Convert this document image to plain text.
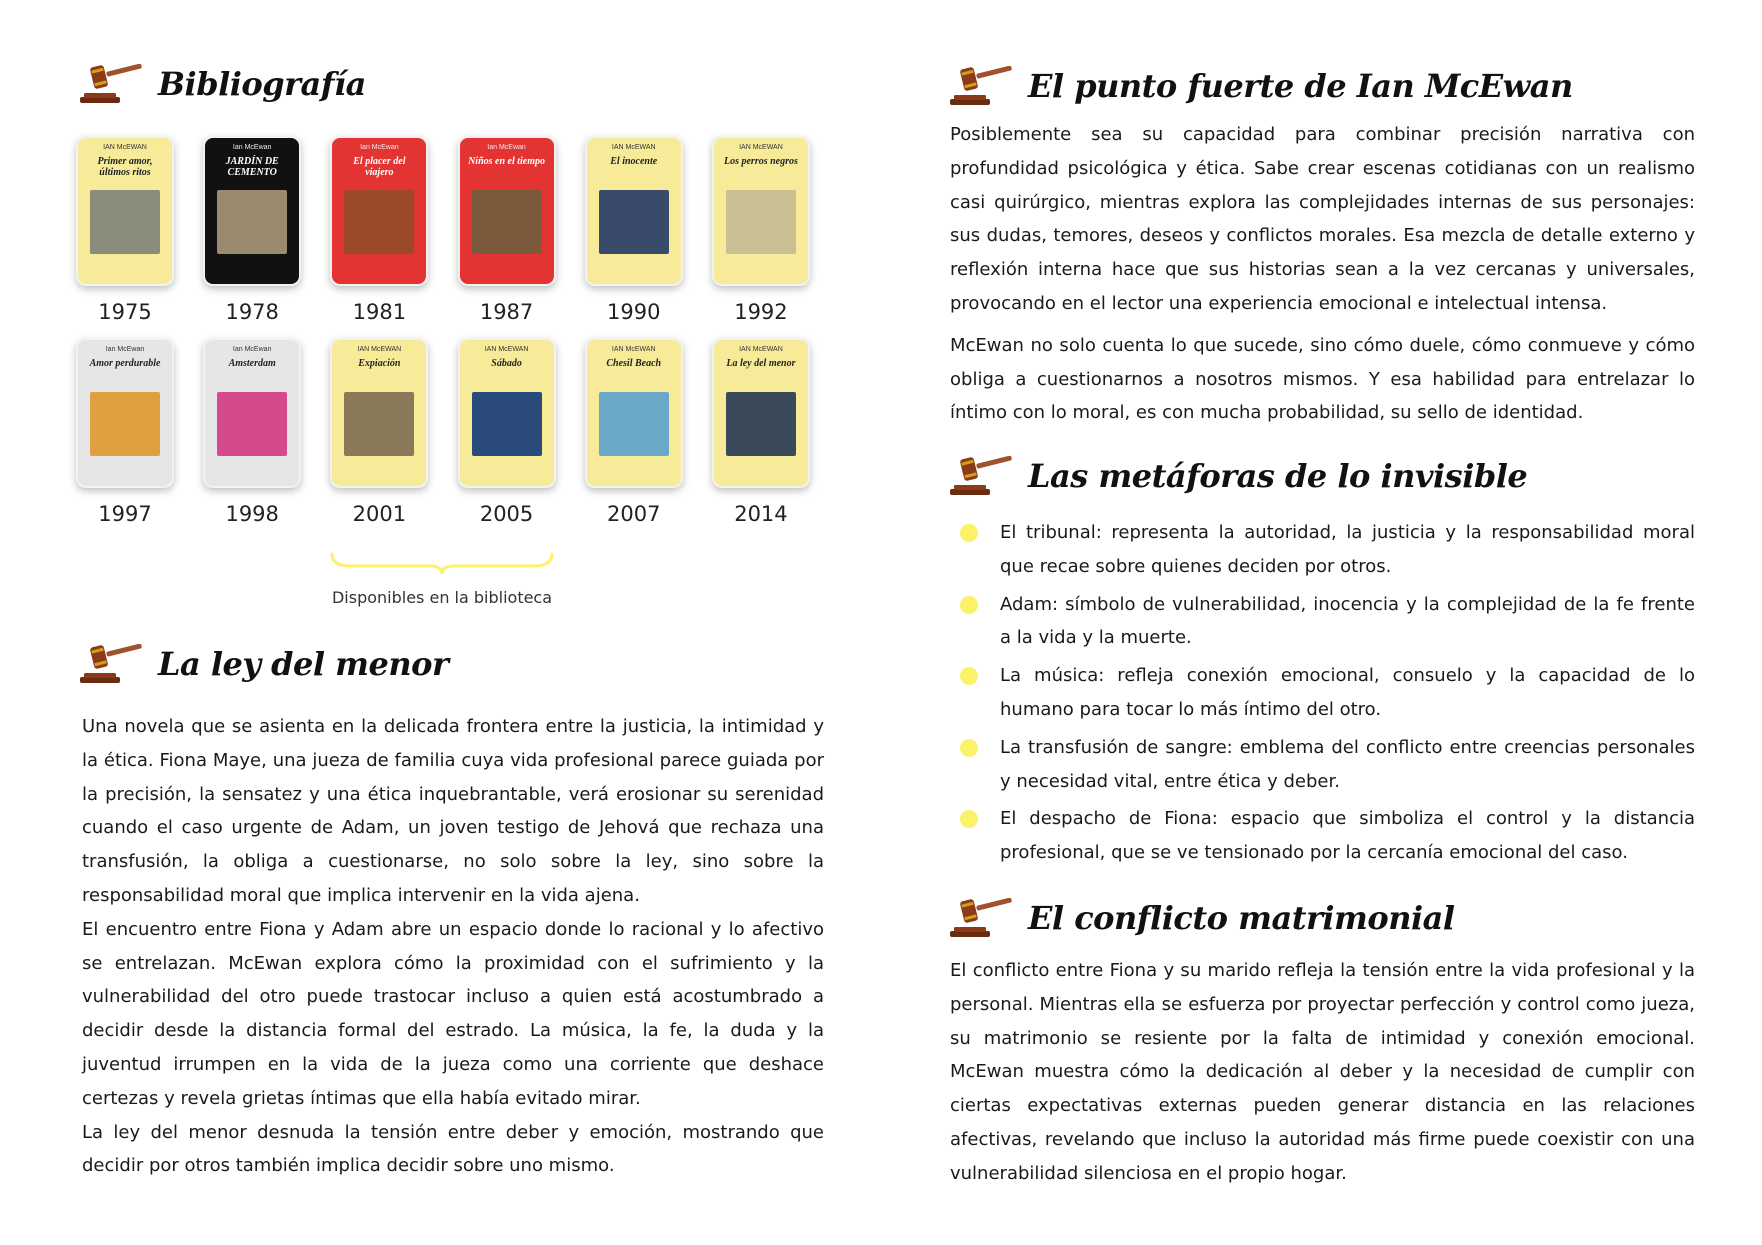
Bibliografía
IAN McEWAN
Primer amor, últimos ritos
1975
Ian McEwan
JARDÍN DE CEMENTO
1978
Ian McEwan
El placer del viajero
1981
Ian McEwan
Niños en el tiempo
1987
IAN McEWAN
El inocente
1990
IAN McEWAN
Los perros negros
1992
Ian McEwan
Amor perdurable
1997
Ian McEwan
Amsterdam
1998
IAN McEWAN
Expiación
2001
IAN McEWAN
Sábado
2005
IAN McEWAN
Chesil Beach
2007
IAN McEWAN
La ley del menor
2014
Disponibles en la biblioteca
La ley del menor

Una novela que se asienta en la delicada frontera entre la justicia, la intimidad y la ética. Fiona Maye, una jueza de familia cuya vida profesional parece guiada por la precisión, la sensatez y una ética inquebrantable, verá erosionar su serenidad cuando el caso urgente de Adam, un joven testigo de Jehová que rechaza una transfusión, la obliga a cuestionarse, no solo sobre la ley, sino sobre la responsabilidad moral que implica intervenir en la vida ajena.

El encuentro entre Fiona y Adam abre un espacio donde lo racional y lo afectivo se entrelazan. McEwan explora cómo la proximidad con el sufrimiento y la vulnerabilidad del otro puede trastocar incluso a quien está acostumbrado a decidir desde la distancia formal del estrado. La música, la fe, la duda y la juventud irrumpen en la vida de la jueza como una corriente que deshace certezas y revela grietas íntimas que ella había evitado mirar.

La ley del menor desnuda la tensión entre deber y emoción, mostrando que decidir por otros también implica decidir sobre uno mismo.

El punto fuerte de Ian McEwan

Posiblemente sea su capacidad para combinar precisión narrativa con profundidad psicológica y ética. Sabe crear escenas cotidianas con un realismo casi quirúrgico, mientras explora las complejidades internas de sus personajes: sus dudas, temores, deseos y conflictos morales. Esa mezcla de detalle externo y reflexión interna hace que sus historias sean a la vez cercanas y universales, provocando en el lector una experiencia emocional e intelectual intensa.

McEwan no solo cuenta lo que sucede, sino cómo duele, cómo conmueve y cómo obliga a cuestionarnos a nosotros mismos. Y esa habilidad para entrelazar lo íntimo con lo moral, es con mucha probabilidad, su sello de identidad.

Las metáforas de lo invisible
El tribunal: representa la autoridad, la justicia y la responsabilidad moral que recae sobre quienes deciden por otros.
Adam: símbolo de vulnerabilidad, inocencia y la complejidad de la fe frente a la vida y la muerte.
La música: refleja conexión emocional, consuelo y la capacidad de lo humano para tocar lo más íntimo del otro.
La transfusión de sangre: emblema del conflicto entre creencias personales y necesidad vital, entre ética y deber.
El despacho de Fiona: espacio que simboliza el control y la distancia profesional, que se ve tensionado por la cercanía emocional del caso.
El conflicto matrimonial

El conflicto entre Fiona y su marido refleja la tensión entre la vida profesional y la personal. Mientras ella se esfuerza por proyectar perfección y control como jueza, su matrimonio se resiente por la falta de intimidad y conexión emocional. McEwan muestra cómo la dedicación al deber y la necesidad de cumplir con ciertas expectativas externas pueden generar distancia en las relaciones afectivas, revelando que incluso la autoridad más firme puede coexistir con una vulnerabilidad silenciosa en el propio hogar.
